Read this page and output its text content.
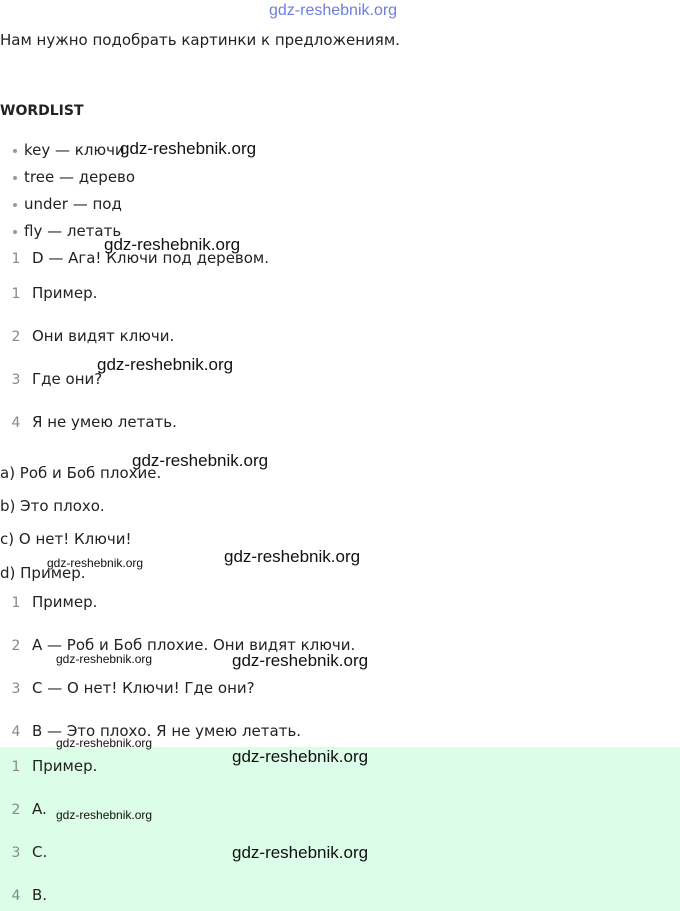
gdz-reshebnik.org
Нам нужно подобрать картинки к предложениям.
WORDLIST
key — ключи
tree — дерево
under — под
fly — летать
1 D — Ага! Ключи под деревом.
1 Пример.
2 Они видят ключи.
3 Где они?
4 Я не умею летать.
a) Роб и Боб плохие.
b) Это плохо.
c) О нет! Ключи!
d) Пример.
1 Пример.
2 A — Роб и Боб плохие. Они видят ключи.
3 C — О нет! Ключи! Где они?
4 B — Это плохо. Я не умею летать.
1 Пример.
2 A.
3 C.
4 B.
gdz-reshebnik.org
gdz-reshebnik.org
gdz-reshebnik.org
gdz-reshebnik.org
gdz-reshebnik.org	gdz-reshebnik.org
gdz-reshebnik.org	gdz-reshebnik.org
gdz-reshebnik.org
gdz-reshebnik.org
gdz-reshebnik.org
gdz-reshebnik.org
